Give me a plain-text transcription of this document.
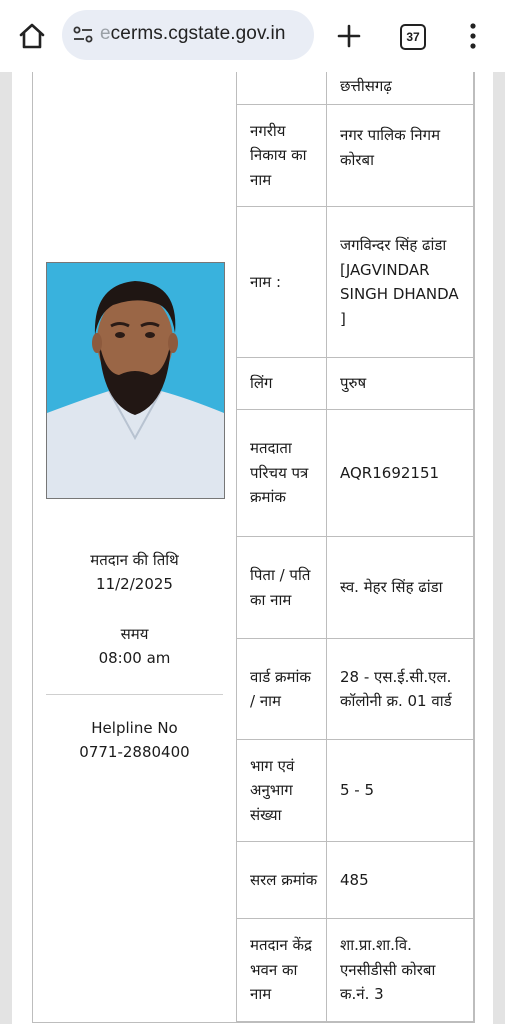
ecerms.cgstate.gov.in	37
मतदान की तिथि
11/2/2025
समय
08:00 am
Helpline No
0771-2880400
	छत्तीसगढ़
नगरीय निकाय का नाम	नगर पालिक निगम कोरबा
नाम :	जगविन्दर सिंह ढांडा [JAGVINDAR SINGH DHANDA ]
लिंग	पुरुष
मतदाता परिचय पत्र क्रमांक	AQR1692151
पिता / पति का नाम	स्व. मेहर सिंह ढांडा
वार्ड क्रमांक / नाम	28 - एस.ई.सी.एल. कॉलोनी क्र. 01 वार्ड
भाग एवं अनुभाग संख्या	5 - 5
सरल क्रमांक	485
मतदान केंद्र भवन का नाम	शा.प्रा.शा.वि. एनसीडीसी कोरबा क.नं. 3
